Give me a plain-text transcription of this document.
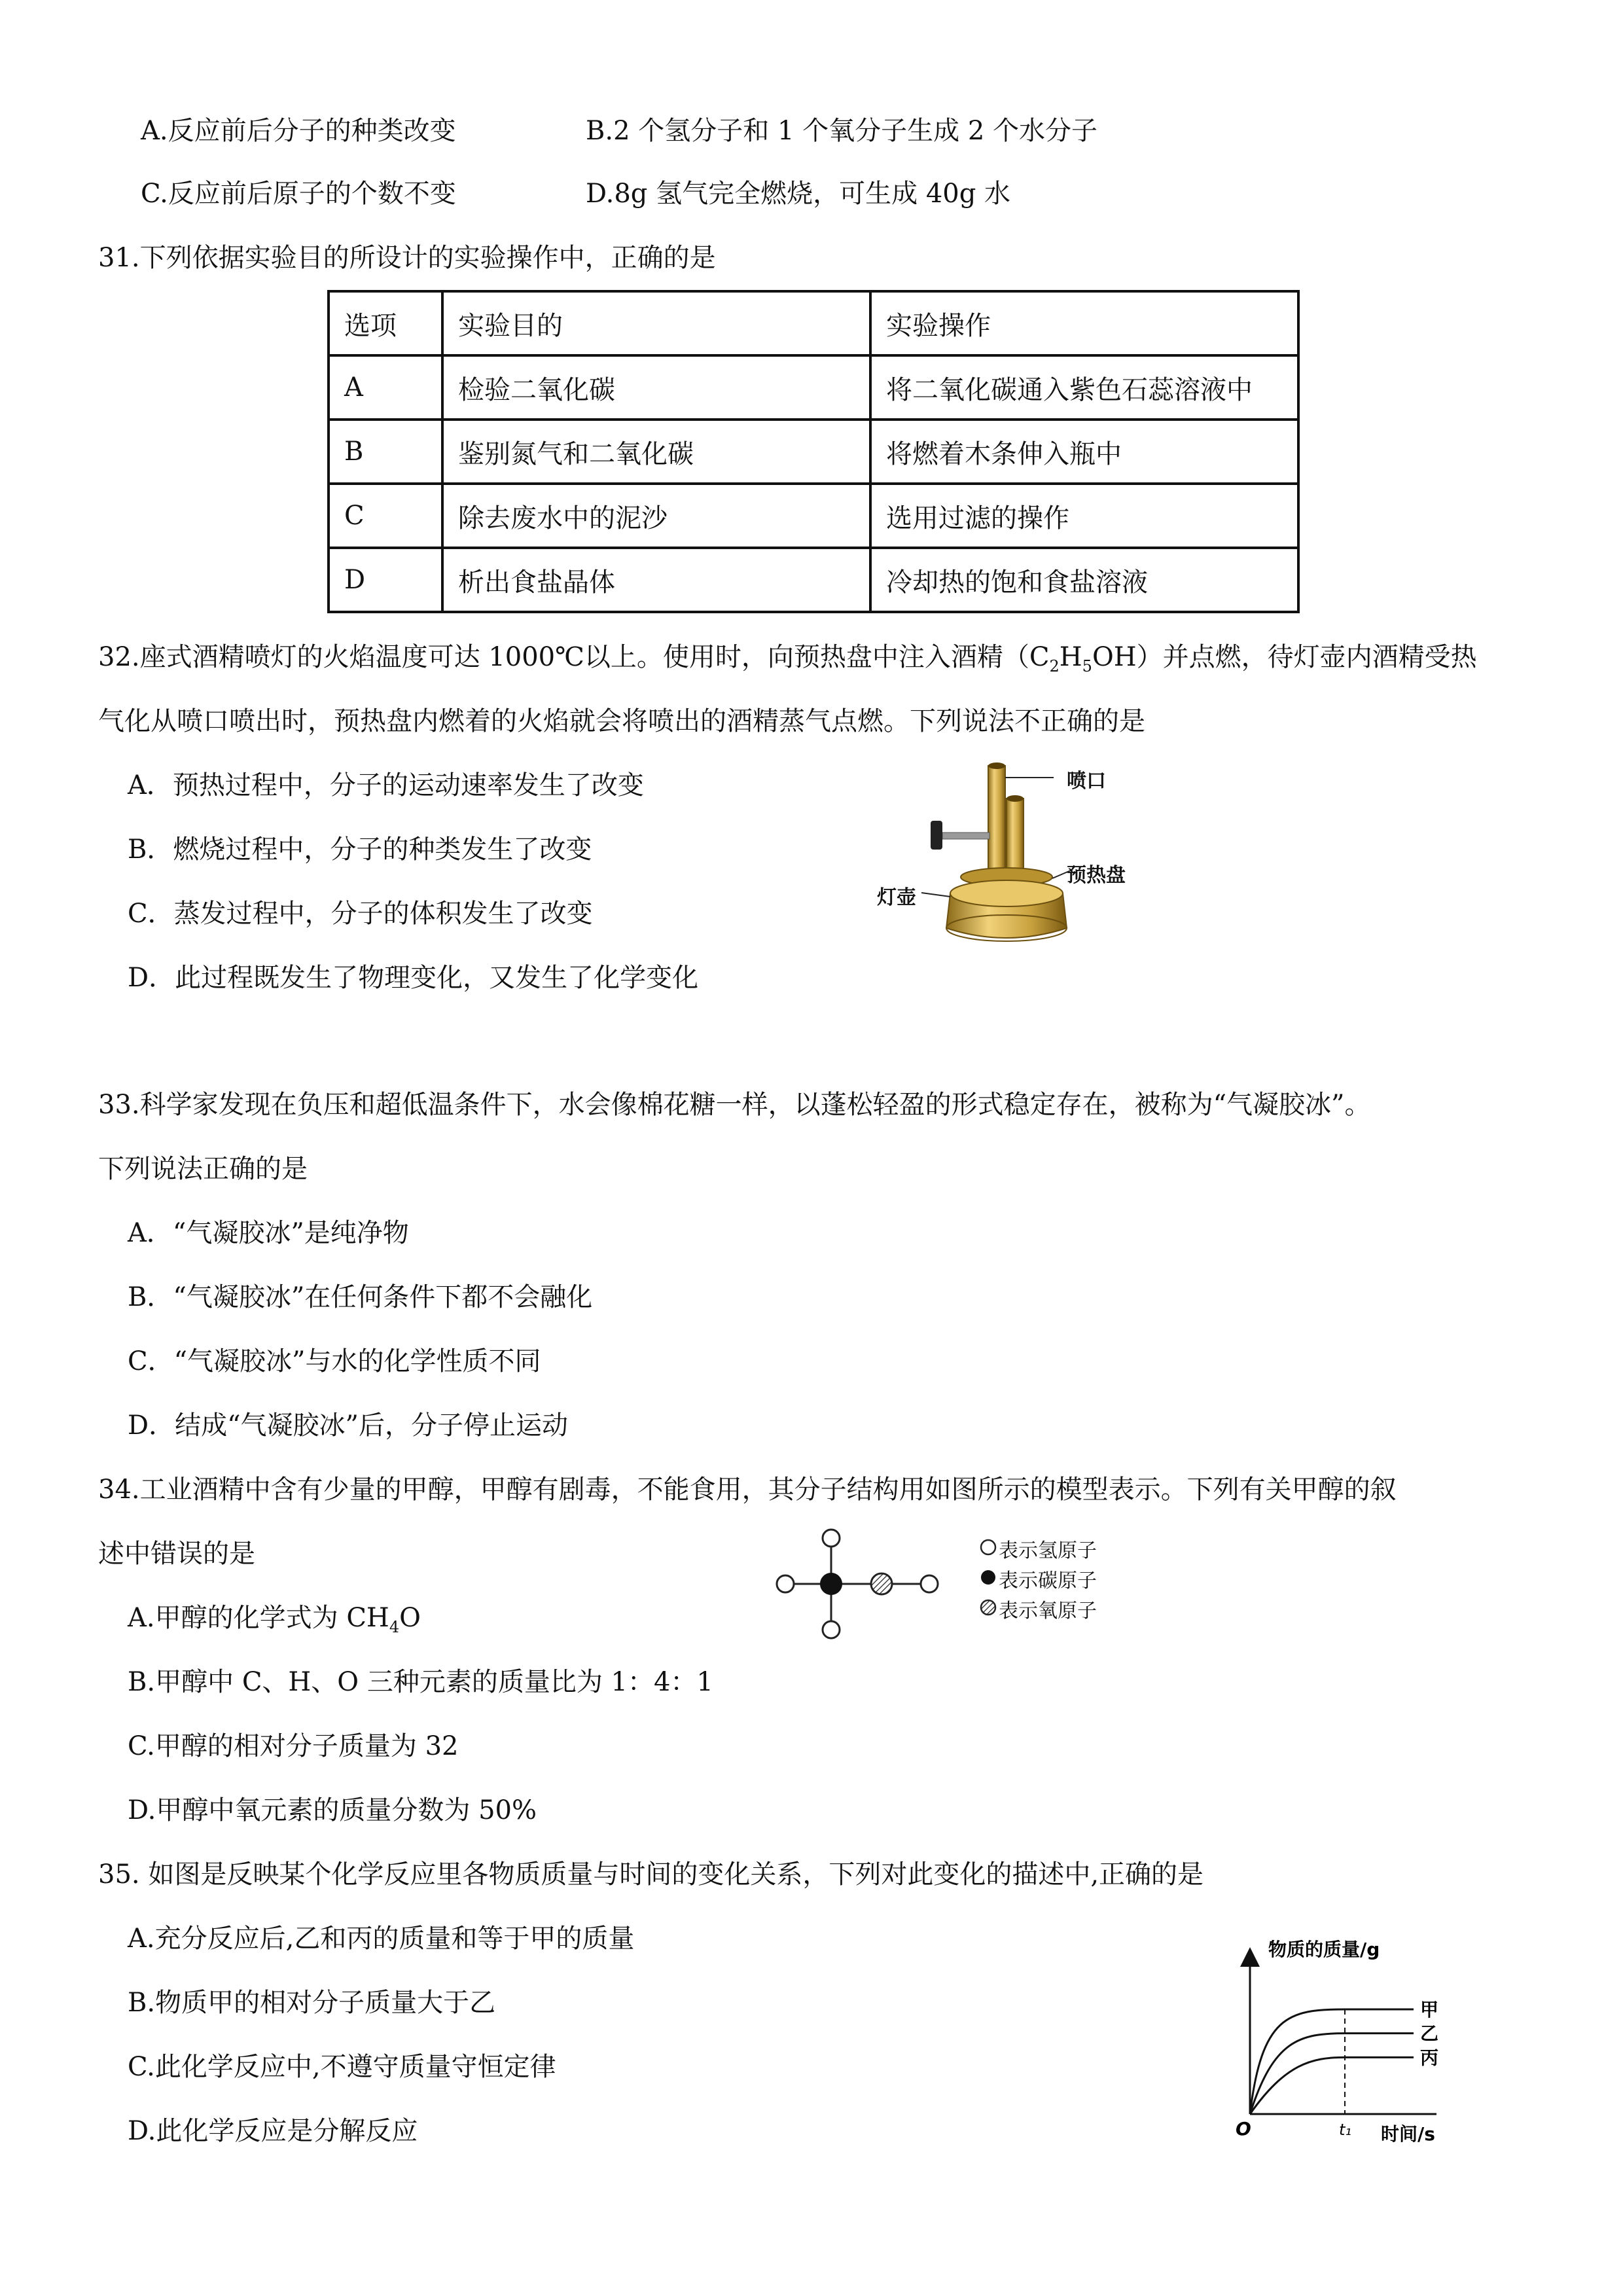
A.反应前后分子的种类改变	B.2 个氢分子和 1 个氧分子生成 2 个水分子
C.反应前后原子的个数不变	D.8g 氢气完全燃烧，可生成 40g 水
31.下列依据实验目的所设计的实验操作中，正确的是
选项	实验目的	实验操作
A	检验二氧化碳	将二氧化碳通入紫色石蕊溶液中
B	鉴别氮气和二氧化碳	将燃着木条伸入瓶中
C	除去废水中的泥沙	选用过滤的操作
D	析出食盐晶体	冷却热的饱和食盐溶液
32.座式酒精喷灯的火焰温度可达 1000℃以上。使用时，向预热盘中注入酒精$(C_2H_5OH)$并点燃，待灯壶内酒精受热
气化从喷口喷出时，预热盘内燃着的火焰就会将喷出的酒精蒸气点燃。下列说法不正确的是
A．预热过程中，分子的运动速率发生了改变
B．燃烧过程中，分子的种类发生了改变
C．蒸发过程中，分子的体积发生了改变
D．此过程既发生了物理变化，又发生了化学变化
喷口
预热盘
灯壶
33.科学家发现在负压和超低温条件下，水会像棉花糖一样，以蓬松轻盈的形式稳定存在，被称为“气凝胶冰”。
下列说法正确的是
A．“气凝胶冰”是纯净物
B．“气凝胶冰”在任何条件下都不会融化
C．“气凝胶冰”与水的化学性质不同
D．结成“气凝胶冰”后，分子停止运动
34.工业酒精中含有少量的甲醇，甲醇有剧毒，不能食用，其分子结构用如图所示的模型表示。下列有关甲醇的叙
述中错误的是
A.甲醇的化学式为 $CH_4O$
B.甲醇中 C、H、O 三种元素的质量比为 1：4：1
C.甲醇的相对分子质量为 32
D.甲醇中氧元素的质量分数为 50%
表示氢原子
表示碳原子
表示氧原子
35. 如图是反映某个化学反应里各物质质量与时间的变化关系，下列对此变化的描述中,正确的是
A.充分反应后,乙和丙的质量和等于甲的质量
B.物质甲的相对分子质量大于乙
C.此化学反应中,不遵守质量守恒定律
D.此化学反应是分解反应
物质的质量/g
时间/s
O	t₁
甲
乙
丙
